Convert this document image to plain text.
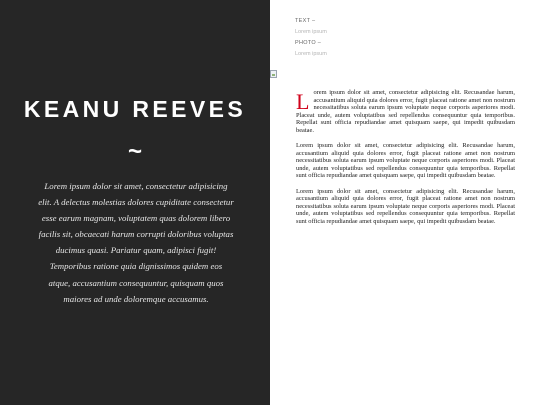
KEANU REEVES
~

Lorem ipsum dolor sit amet, consectetur adipisicing elit. A delectus molestias dolores cupiditate consectetur esse earum magnam, voluptatem quas dolorem libero facilis sit, obcaecati harum corrupti doloribus voluptas ducimus quasi. Pariatur quam, adipisci fugit! Temporibus ratione quia dignissimos quidem eos atque, accusantium consequuntur, quisquam quos maiores ad unde doloremque accusamus.

TEXT –
Lorem ipsum
PHOTO –
Lorem ipsum

Lorem ipsum dolor sit amet, consectetur adipisicing elit. Recusandae harum, accusantium aliquid quia dolores error, fugit placeat ratione amet non nostrum necessitatibus soluta earum ipsum voluptate neque corporis asperiores modi. Placeat unde, autem voluptatibus sed repellendus consequuntur quia temporibus. Repellat sunt officia repudiandae amet quisquam saepe, qui impedit quibusdam beatae.

Lorem ipsum dolor sit amet, consectetur adipisicing elit. Recusandae harum, accusantium aliquid quia dolores error, fugit placeat ratione amet non nostrum necessitatibus soluta earum ipsum voluptate neque corporis asperiores modi. Placeat unde, autem voluptatibus sed repellendus consequuntur quia temporibus. Repellat sunt officia repudiandae amet quisquam saepe, qui impedit quibusdam beatae.

Lorem ipsum dolor sit amet, consectetur adipisicing elit. Recusandae harum, accusantium aliquid quia dolores error, fugit placeat ratione amet non nostrum necessitatibus soluta earum ipsum voluptate neque corporis asperiores modi. Placeat unde, autem voluptatibus sed repellendus consequuntur quia temporibus. Repellat sunt officia repudiandae amet quisquam saepe, qui impedit quibusdam beatae.
